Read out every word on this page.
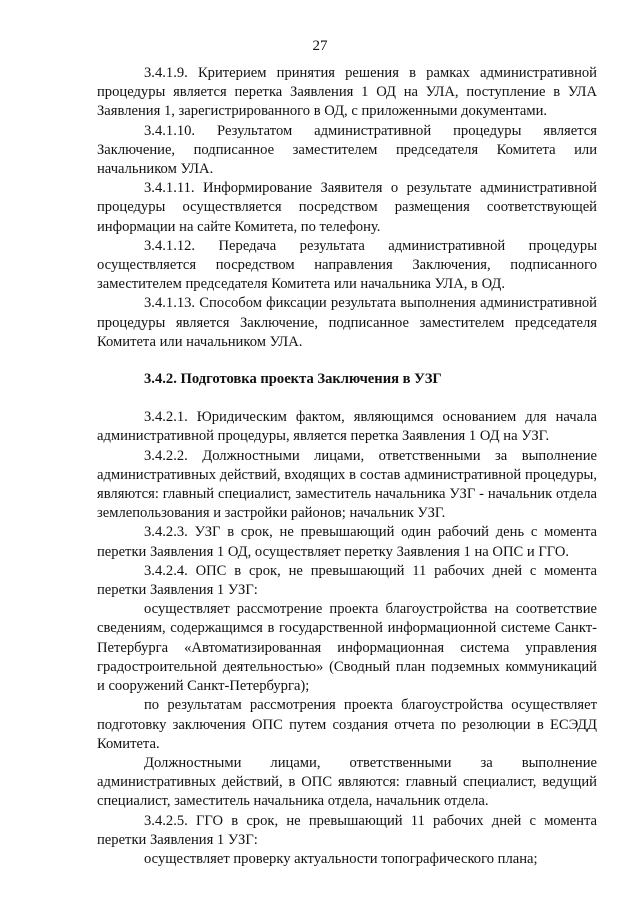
27

3.4.1.9. Критерием принятия решения в рамках административной процедуры является перетка Заявления 1 ОД на УЛА, поступление в УЛА Заявления 1, зарегистрированного в ОД, с приложенными документами.

3.4.1.10. Результатом административной процедуры является Заключение, подписанное заместителем председателя Комитета или начальником УЛА.

3.4.1.11. Информирование Заявителя о результате административной процедуры осуществляется посредством размещения соответствующей информации на сайте Комитета, по телефону.

3.4.1.12. Передача результата административной процедуры осуществляется посредством направления Заключения, подписанного заместителем председателя Комитета или начальника УЛА, в ОД.

3.4.1.13. Способом фиксации результата выполнения административной процедуры является Заключение, подписанное заместителем председателя Комитета или начальником УЛА.

3.4.2. Подготовка проекта Заключения в УЗГ

3.4.2.1. Юридическим фактом, являющимся основанием для начала административной процедуры, является перетка Заявления 1 ОД на УЗГ.

3.4.2.2. Должностными лицами, ответственными за выполнение административных действий, входящих в состав административной процедуры, являются: главный специалист, заместитель начальника УЗГ - начальник отдела землепользования и застройки районов; начальник УЗГ.

3.4.2.3. УЗГ в срок, не превышающий один рабочий день с момента перетки Заявления 1 ОД, осуществляет перетку Заявления 1 на ОПС и ГГО.

3.4.2.4. ОПС в срок, не превышающий 11 рабочих дней с момента перетки Заявления 1 УЗГ:

осуществляет рассмотрение проекта благоустройства на соответствие сведениям, содержащимся в государственной информационной системе Санкт-Петербурга «Автоматизированная информационная система управления градостроительной деятельностью» (Сводный план подземных коммуникаций и сооружений Санкт-Петербурга);

по результатам рассмотрения проекта благоустройства осуществляет подготовку заключения ОПС путем создания отчета по резолюции в ЕСЭДД Комитета.

Должностными лицами, ответственными за выполнение административных действий, в ОПС являются: главный специалист, ведущий специалист, заместитель начальника отдела, начальник отдела.

3.4.2.5. ГГО в срок, не превышающий 11 рабочих дней с момента перетки Заявления 1 УЗГ:

осуществляет проверку актуальности топографического плана;
